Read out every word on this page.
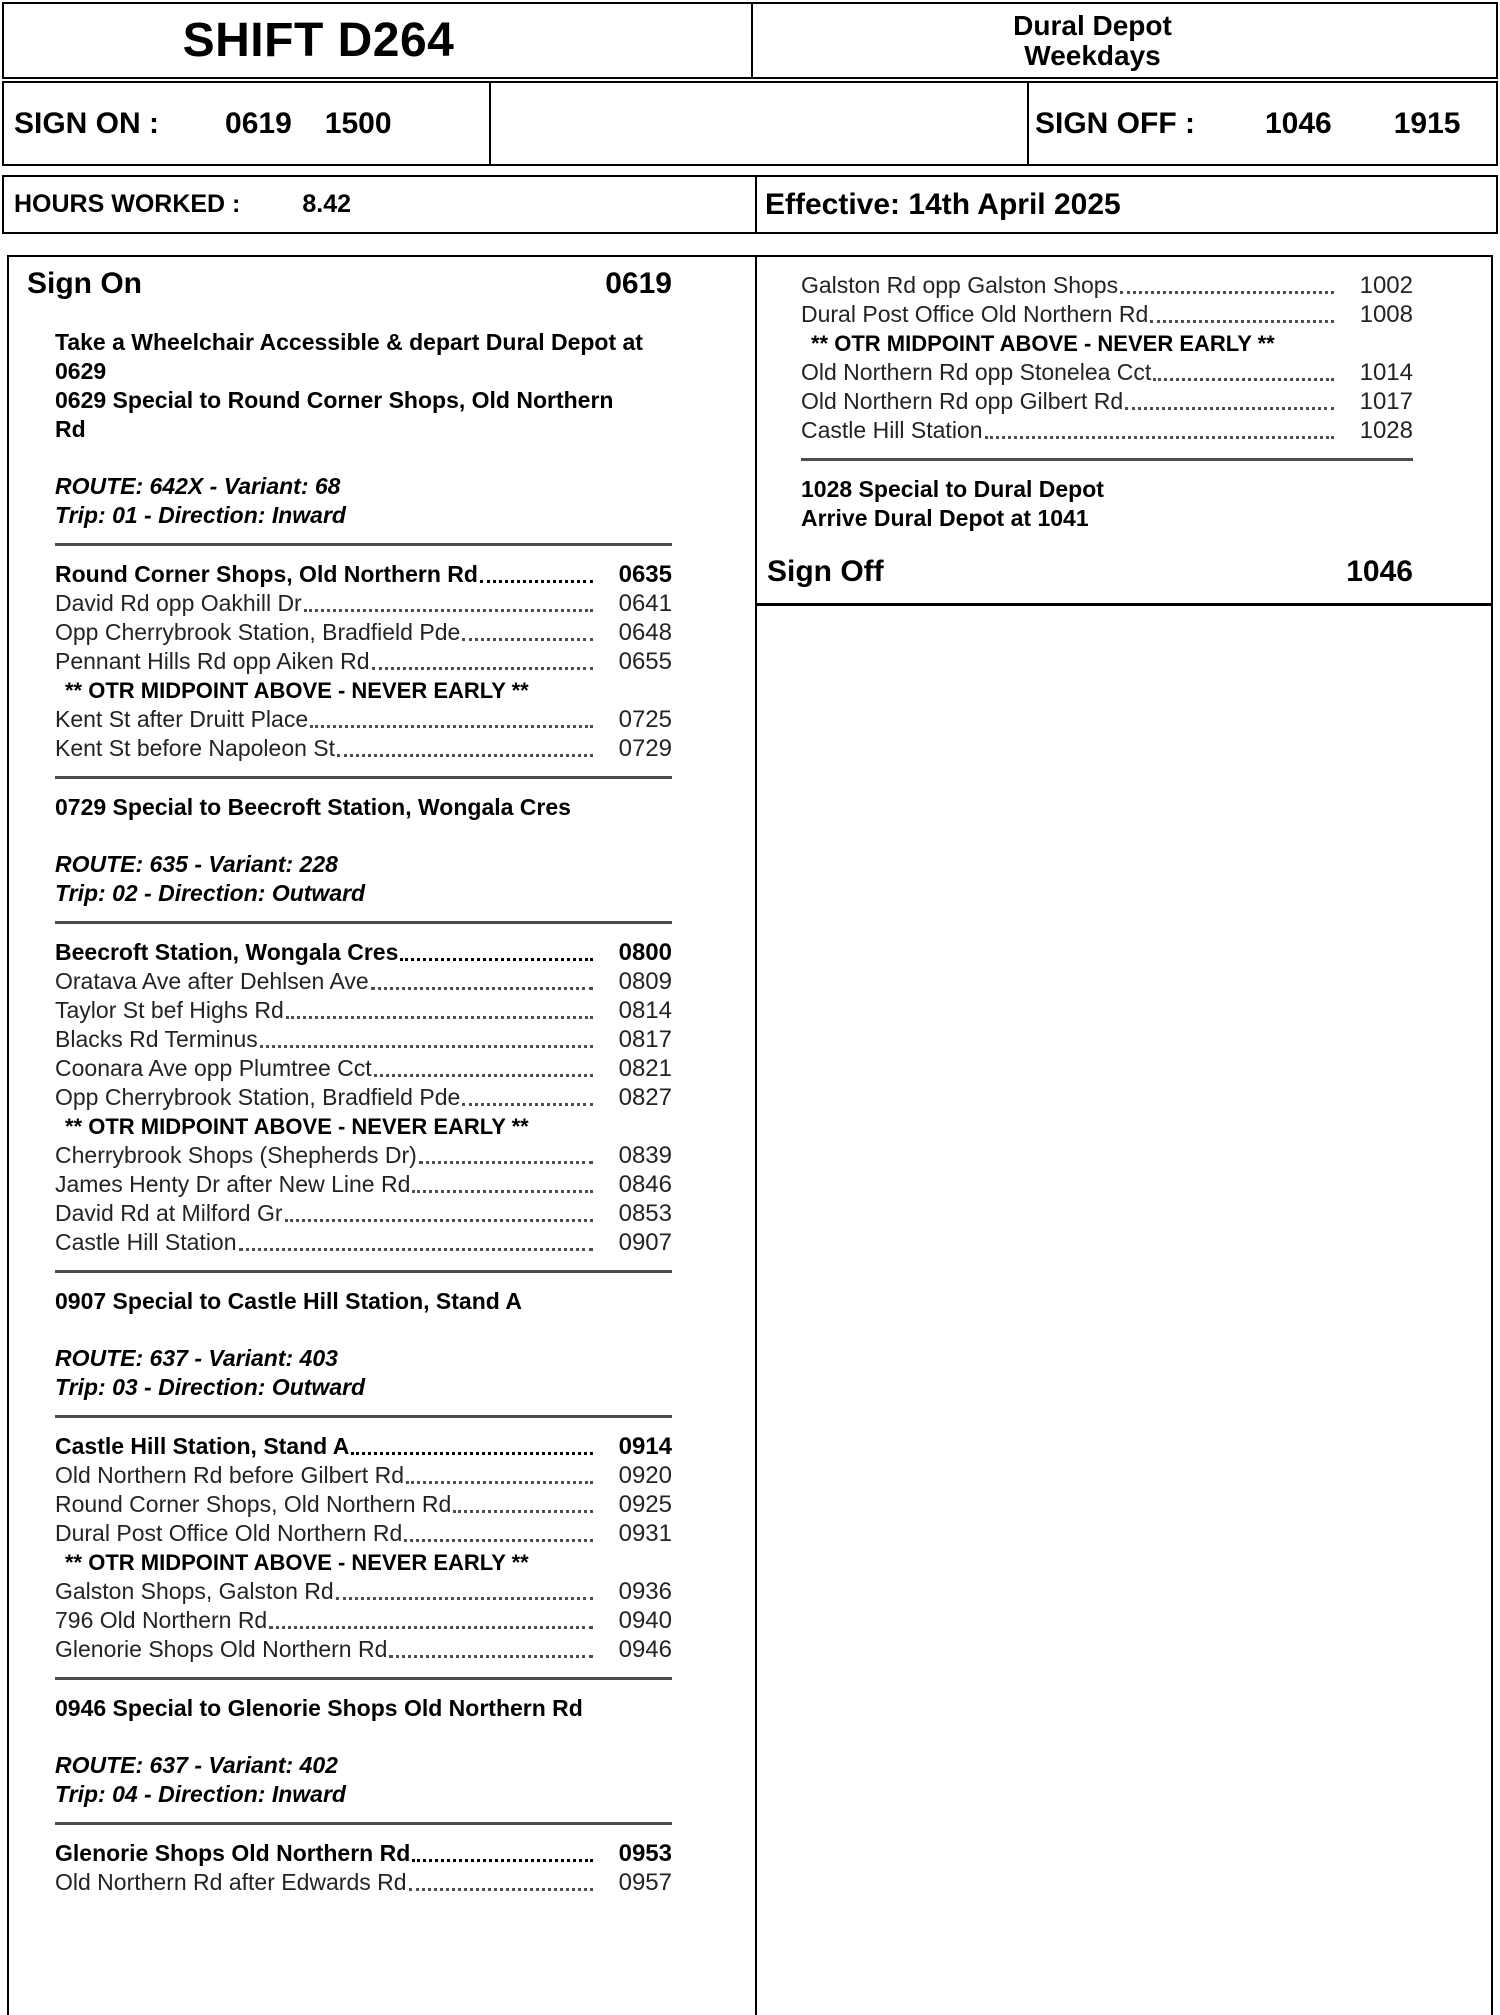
SHIFT D264	Dural Depot
Weekdays
SIGN ON : 0619 1500	SIGN OFF : 1046 1915
HOURS WORKED : 8.42	Effective: 14th April 2025
Sign On	0619
Take a Wheelchair Accessible & depart Dural Depot at
0629
0629 Special to Round Corner Shops, Old Northern
Rd
ROUTE: 642X - Variant: 68
Trip: 01 - Direction: Inward
Round Corner Shops, Old Northern Rd	0635
David Rd opp Oakhill Dr	0641
Opp Cherrybrook Station, Bradfield Pde	0648
Pennant Hills Rd opp Aiken Rd	0655
** OTR MIDPOINT ABOVE - NEVER EARLY **
Kent St after Druitt Place	0725
Kent St before Napoleon St	0729
0729 Special to Beecroft Station, Wongala Cres
ROUTE: 635 - Variant: 228
Trip: 02 - Direction: Outward
Beecroft Station, Wongala Cres	0800
Oratava Ave after Dehlsen Ave	0809
Taylor St bef Highs Rd	0814
Blacks Rd Terminus	0817
Coonara Ave opp Plumtree Cct	0821
Opp Cherrybrook Station, Bradfield Pde	0827
** OTR MIDPOINT ABOVE - NEVER EARLY **
Cherrybrook Shops (Shepherds Dr)	0839
James Henty Dr after New Line Rd	0846
David Rd at Milford Gr	0853
Castle Hill Station	0907
0907 Special to Castle Hill Station, Stand A
ROUTE: 637 - Variant: 403
Trip: 03 - Direction: Outward
Castle Hill Station, Stand A	0914
Old Northern Rd before Gilbert Rd	0920
Round Corner Shops, Old Northern Rd	0925
Dural Post Office Old Northern Rd	0931
** OTR MIDPOINT ABOVE - NEVER EARLY **
Galston Shops, Galston Rd	0936
796 Old Northern Rd	0940
Glenorie Shops Old Northern Rd	0946
0946 Special to Glenorie Shops Old Northern Rd
ROUTE: 637 - Variant: 402
Trip: 04 - Direction: Inward
Glenorie Shops Old Northern Rd	0953
Old Northern Rd after Edwards Rd	0957
Galston Rd opp Galston Shops	1002
Dural Post Office Old Northern Rd	1008
** OTR MIDPOINT ABOVE - NEVER EARLY **
Old Northern Rd opp Stonelea Cct	1014
Old Northern Rd opp Gilbert Rd	1017
Castle Hill Station	1028
1028 Special to Dural Depot
Arrive Dural Depot at 1041
Sign Off	1046
